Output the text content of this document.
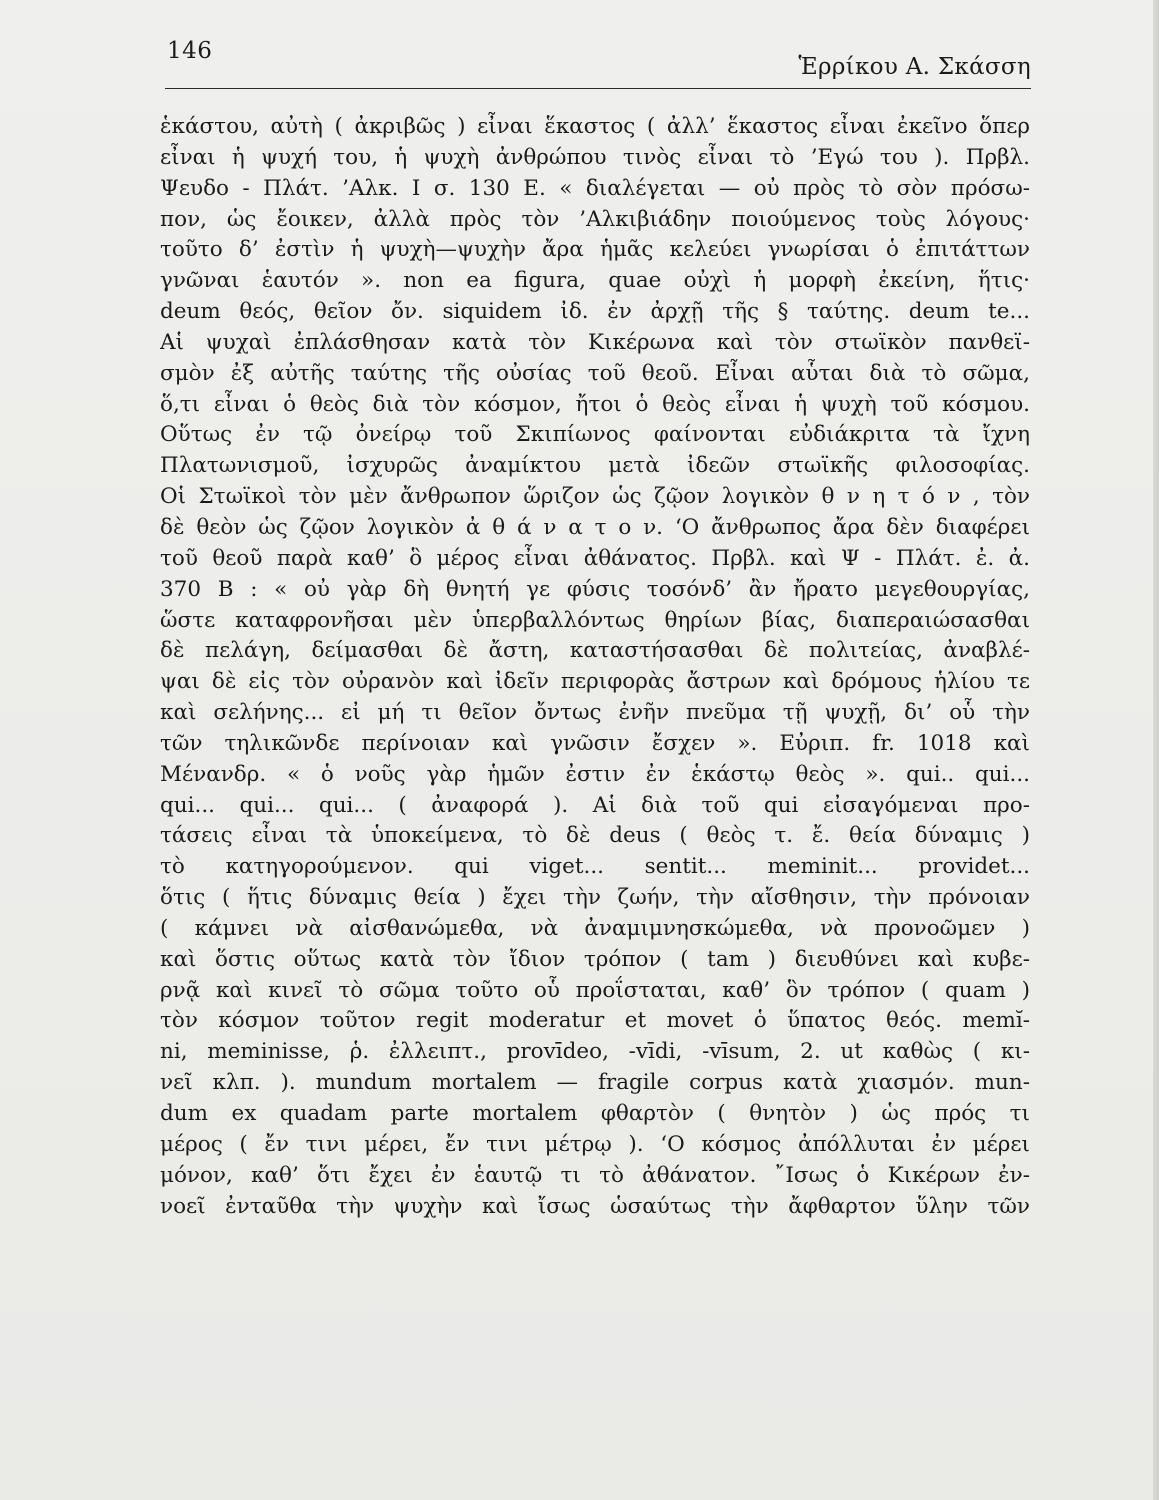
146
Ἑρρίκου Α. Σκάσση
ἑκάστου, αὐτὴ ( ἀκριβῶς ) εἶναι ἕκαστος ( ἀλλ’ ἕκαστος εἶναι ἐκεῖνο ὅπερ
εἶναι ἡ ψυχή του, ἡ ψυχὴ ἀνθρώπου τινὸς εἶναι τὸ ’Εγώ του ). Πρβλ.
Ψευδο - Πλάτ. ’Αλκ. Ι σ. 130 Ε. « διαλέγεται — οὐ πρὸς τὸ σὸν πρόσω-
πον, ὡς ἔοικεν, ἀλλὰ πρὸς τὸν ’Αλκιβιάδην ποιούμενος τοὺς λόγους·
τοῦτο δ’ ἐστὶν ἡ ψυχὴ—ψυχὴν ἄρα ἡμᾶς κελεύει γνωρίσαι ὁ ἐπιτάττων
γνῶναι ἑαυτόν ». non ea figura, quae οὐχὶ ἡ μορφὴ ἐκείνη, ἥτις·
deum θεός, θεῖον ὄν. siquidem ἰδ. ἐν ἀρχῇ τῆς § ταύτης. deum te...
Αἱ ψυχαὶ ἐπλάσθησαν κατὰ τὸν Κικέρωνα καὶ τὸν στωϊκὸν πανθεϊ-
σμὸν ἐξ αὐτῆς ταύτης τῆς οὐσίας τοῦ θεοῦ. Εἶναι αὗται διὰ τὸ σῶμα,
ὅ,τι εἶναι ὁ θεὸς διὰ τὸν κόσμον, ἤτοι ὁ θεὸς εἶναι ἡ ψυχὴ τοῦ κόσμου.
Οὕτως ἐν τῷ ὀνείρῳ τοῦ Σκιπίωνος φαίνονται εὐδιάκριτα τὰ ἴχνη
Πλατωνισμοῦ, ἰσχυρῶς ἀναμίκτου μετὰ ἰδεῶν στωϊκῆς φιλοσοφίας.
Οἱ Στωϊκοὶ τὸν μὲν ἄνθρωπον ὥριζον ὡς ζῷον λογικὸν θ ν η τ ό ν , τὸν
δὲ θεὸν ὡς ζῷον λογικὸν ἀ θ ά ν α τ ο ν. ‘Ο ἄνθρωπος ἄρα δὲν διαφέρει
τοῦ θεοῦ παρὰ καθ’ ὃ μέρος εἶναι ἀθάνατος. Πρβλ. καὶ Ψ - Πλάτ. ἐ. ἀ.
370 Β : « οὐ γὰρ δὴ θνητή γε φύσις τοσόνδ’ ἂν ἤρατο μεγεθουργίας,
ὥστε καταφρονῆσαι μὲν ὑπερβαλλόντως θηρίων βίας, διαπεραιώσασθαι
δὲ πελάγη, δείμασθαι δὲ ἄστη, καταστήσασθαι δὲ πολιτείας, ἀναβλέ-
ψαι δὲ εἰς τὸν οὐρανὸν καὶ ἰδεῖν περιφορὰς ἄστρων καὶ δρόμους ἡλίου τε
καὶ σελήνης... εἰ μή τι θεῖον ὄντως ἐνῆν πνεῦμα τῇ ψυχῇ, δι’ οὗ τὴν
τῶν τηλικῶνδε περίνοιαν καὶ γνῶσιν ἔσχεν ». Εὐριπ. fr. 1018 καὶ
Μένανδρ. « ὁ νοῦς γὰρ ἡμῶν ἐστιν ἐν ἑκάστῳ θεὸς ». qui.. qui...
qui... qui... qui... ( ἀναφορά ). Αἱ διὰ τοῦ qui εἰσαγόμεναι προ-
τάσεις εἶναι τὰ ὑποκείμενα, τὸ δὲ deus ( θεὸς τ. ἔ. θεία δύναμις )
τὸ κατηγορούμενον. qui viget... sentit... meminit... providet...
ὅτις ( ἥτις δύναμις θεία ) ἔχει τὴν ζωήν, τὴν αἴσθησιν, τὴν πρόνοιαν
( κάμνει νὰ αἰσθανώμεθα, νὰ ἀναμιμνησκώμεθα, νὰ προνοῶμεν )
καὶ ὅστις οὕτως κατὰ τὸν ἴδιον τρόπον ( tam ) διευθύνει καὶ κυβε-
ρνᾷ καὶ κινεῖ τὸ σῶμα τοῦτο οὗ προΐσταται, καθ’ ὃν τρόπον ( quam )
τὸν κόσμον τοῦτον regit moderatur et movet ὁ ὕπατος θεός. memĭ-
ni, meminisse, ῥ. ἐλλειπτ., provīdeo, -vīdi, -vīsum, 2. ut καθὼς ( κι-
νεῖ κλπ. ). mundum mortalem — fragile corpus κατὰ χιασμόν. mun-
dum ex quadam parte mortalem φθαρτὸν ( θνητὸν ) ὡς πρός τι
μέρος ( ἔν τινι μέρει, ἔν τινι μέτρῳ ). ‘Ο κόσμος ἀπόλλυται ἐν μέρει
μόνον, καθ’ ὅτι ἔχει ἐν ἑαυτῷ τι τὸ ἀθάνατον. ῎Ισως ὁ Κικέρων ἐν-
νοεῖ ἐνταῦθα τὴν ψυχὴν καὶ ἴσως ὡσαύτως τὴν ἄφθαρτον ὕλην τῶν
